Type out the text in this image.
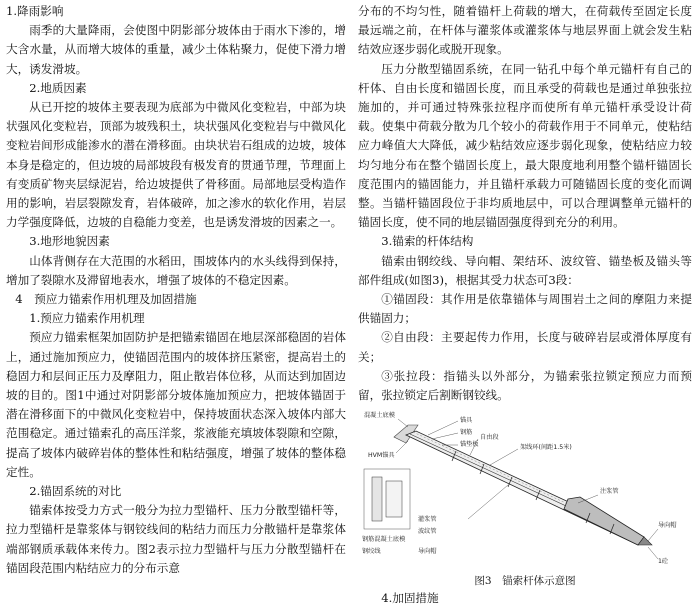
1.降雨影响

雨季的大量降雨，会使图中阴影部分坡体由于雨水下渗的，增大含水量，从而增大坡体的重量，减少土体粘聚力，促使下滑力增大，诱发滑坡。

2.地质因素

从已开挖的坡体主要表现为底部为中微风化变粒岩，中部为块状强风化变粒岩，顶部为坡残积土，块状强风化变粒岩与中微风化变粒岩间形成能渗水的潜在滑移面。由块状岩石组成的边坡，坡体本身是稳定的，但边坡的局部坡段有极发育的贯通节理，节理面上有变质矿物夹层绿泥岩，给边坡提供了骨移面。局部地层受构造作用的影响，岩层裂隙发育，岩体破碎，加之渗水的软化作用，岩层力学强度降低，边坡的自稳能力变差，也是诱发滑坡的因素之一。

3.地形地貌因素

山体背侧存在大范围的水稻田，围坡体内的水头线得到保持，增加了裂隙水及滞留地表水，增强了坡体的不稳定因素。

4　预应力锚索作用机理及加固措施

1.预应力锚索作用机理

预应力锚索框架加固防护是把锚索锚固在地层深部稳固的岩体上，通过施加预应力，使锚固范围内的坡体挤压紧密，提高岩土的稳固力和层间正压力及摩阻力，阻止散岩体位移，从而达到加固边坡的目的。图1中通过对阴影部分坡体施加预应力，把坡体锚固于潜在滑移面下的中微风化变粒岩中，保持坡面状态深入坡体内部大范围稳定。通过锚索孔的高压洋浆，浆液能充填坡体裂隙和空隙，提高了坡体内破碎岩体的整体性和粘结强度，增强了坡体的整体稳定性。

2.锚固系统的对比

锚索体按受力方式一般分为拉力型锚杆、压力分散型锚杆等，拉力型锚杆是靠浆体与钢铰线间的粘结力而压力分散锚杆是靠浆体端部钢质承载体来传力。图2表示拉力型锚杆与压力分散型锚杆在锚固段范围内粘结应力的分布示意

分布的不均匀性，随着锚杆上荷载的增大，在荷载传至固定长度最远端之前，在杆体与灌浆体或灌浆体与地层界面上就会发生粘结效应逐步弱化或脱开现象。

压力分散型锚固系统，在同一钻孔中每个单元锚杆有自己的杆体、自由长度和锚固长度，而且承受的荷载也是通过单独张拉施加的，并可通过特殊张拉程序而使所有单元锚杆承受设计荷载。使集中荷载分散为几个较小的荷载作用于不同单元，使粘结应力峰值大大降低，减少粘结效应逐步弱化现象，使粘结应力较均匀地分布在整个锚固长度上，最大限度地利用整个锚杆锚固长度范围内的锚固能力，并且锚杆承载力可随锚固长度的变化而调整。当锚杆锚固段位于非均质地层中，可以合理调整单元锚杆的锚固长度，使不同的地层锚固强度得到充分的利用。

3.锚索的杆体结构

锚索由钢绞线、导向帽、架结环、波纹管、锚垫板及锚头等部件组成(如图3)，根据其受力状态可3段：

①锚固段：其作用是依靠锚体与周围岩土之间的摩阻力来提供锚固力；

②自由段：主要起传力作用，长度与破碎岩层或滑体厚度有关；

③张拉段：指锚头以外部分，为锚索张拉锁定预应力而预留，张拉锁定后割断钢铰线。

混凝土底模
锚具
钢筋
锚垫板
HVM锚具
自由段
架线环(间距1.5米)
灌浆管
波纹管
钢筋混凝土底模
导向帽
钢绞线
注浆管
导向帽
1砼

图3　锚索杆体示意图

4.加固措施
